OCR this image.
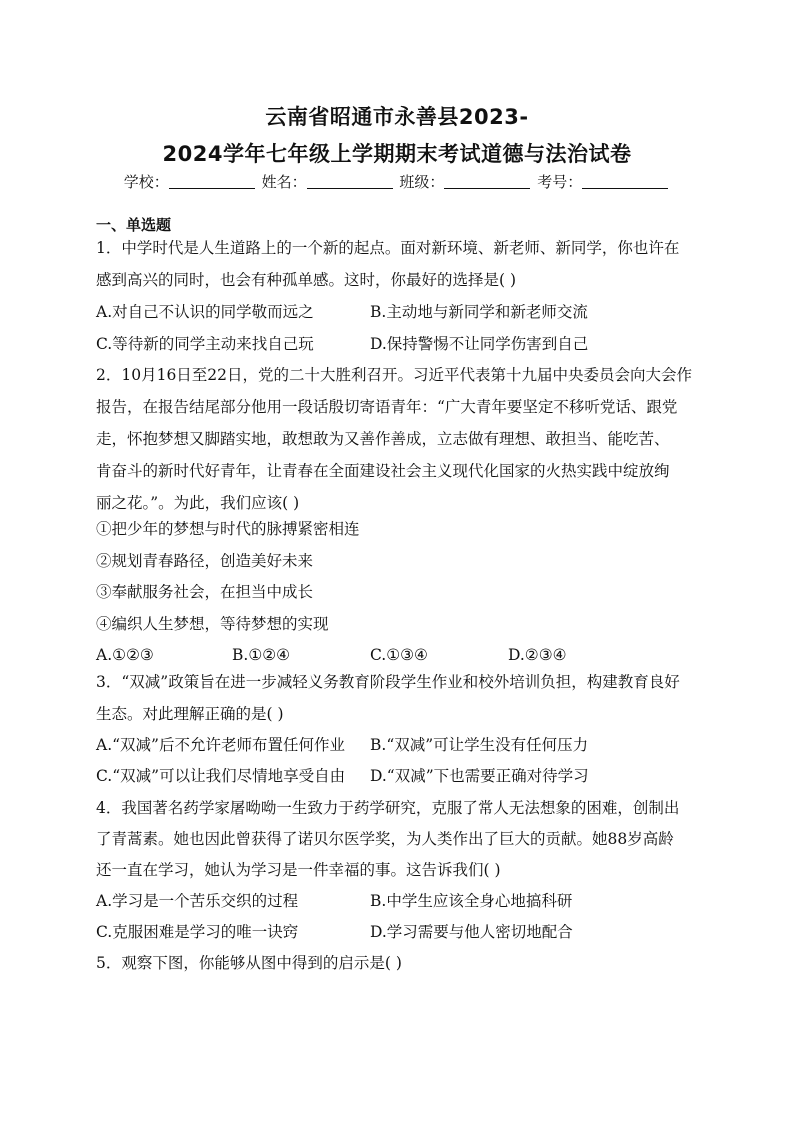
云南省昭通市永善县2023-
2024学年七年级上学期期末考试道德与法治试卷
学校：	姓名：	班级：	考号：
一、单选题
1．中学时代是人生道路上的一个新的起点。面对新环境、新老师、新同学，你也许在
感到高兴的同时，也会有种孤单感。这时，你最好的选择是( )
A.对自己不认识的同学敬而远之	B.主动地与新同学和新老师交流
C.等待新的同学主动来找自己玩	D.保持警惕不让同学伤害到自己
2．10月16日至22日，党的二十大胜利召开。习近平代表第十九届中央委员会向大会作
报告，在报告结尾部分他用一段话殷切寄语青年：“广大青年要坚定不移听党话、跟党
走，怀抱梦想又脚踏实地，敢想敢为又善作善成，立志做有理想、敢担当、能吃苦、
肯奋斗的新时代好青年，让青春在全面建设社会主义现代化国家的火热实践中绽放绚
丽之花。”。为此，我们应该( )
①把少年的梦想与时代的脉搏紧密相连
②规划青春路径，创造美好未来
③奉献服务社会，在担当中成长
④编织人生梦想，等待梦想的实现
A.①②③	B.①②④	C.①③④	D.②③④
3．“双减”政策旨在进一步减轻义务教育阶段学生作业和校外培训负担，构建教育良好
生态。对此理解正确的是( )
A.“双减”后不允许老师布置任何作业 B.“双减”可让学生没有任何压力
C.“双减”可以让我们尽情地享受自由 D.“双减”下也需要正确对待学习
4．我国著名药学家屠呦呦一生致力于药学研究，克服了常人无法想象的困难，创制出
了青蒿素。她也因此曾获得了诺贝尔医学奖，为人类作出了巨大的贡献。她88岁高龄
还一直在学习，她认为学习是一件幸福的事。这告诉我们( )
A.学习是一个苦乐交织的过程	B.中学生应该全身心地搞科研
C.克服困难是学习的唯一诀窍	D.学习需要与他人密切地配合
5．观察下图，你能够从图中得到的启示是( )
